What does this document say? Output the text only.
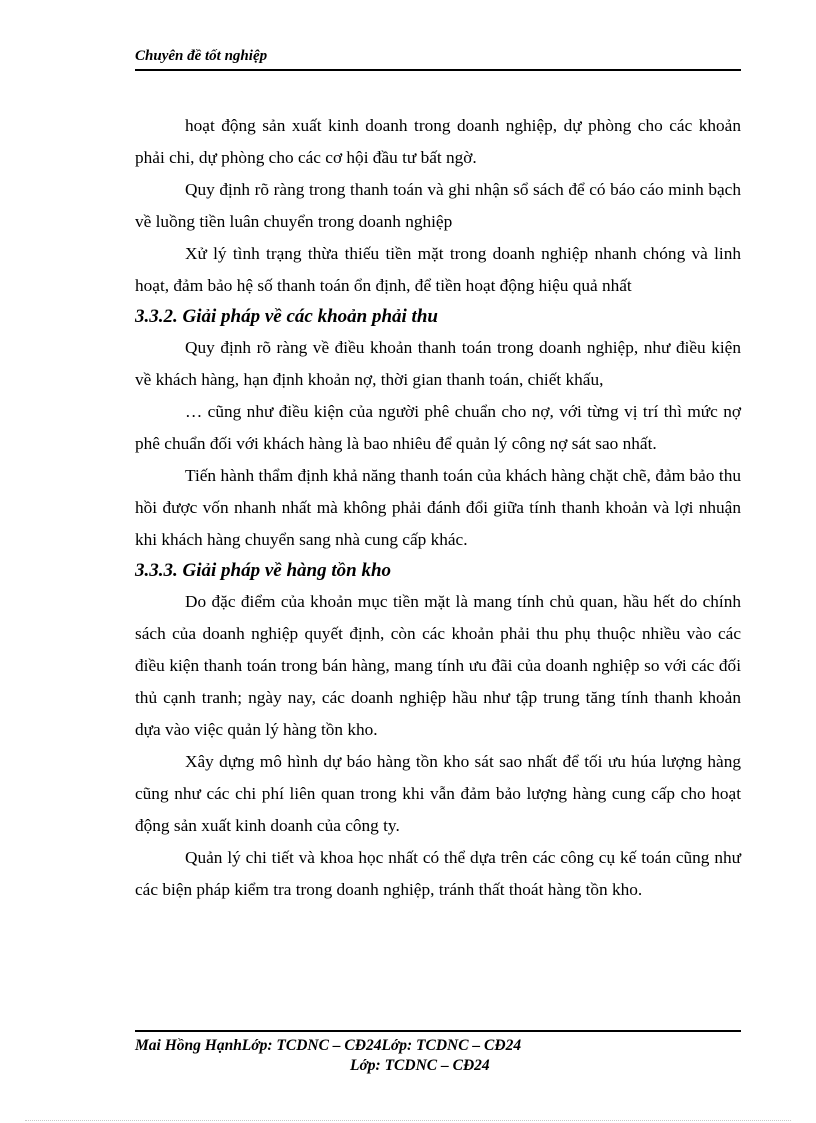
Chuyên đề tốt nghiệp

hoạt động sản xuất kinh doanh trong doanh nghiệp, dự phòng cho các khoản phải chi, dự phòng cho các cơ hội đầu tư bất ngờ.

Quy định rõ ràng trong thanh toán và ghi nhận sổ sách để có báo cáo minh bạch về luồng tiền luân chuyển trong doanh nghiệp

Xử lý tình trạng thừa thiếu tiền mặt trong doanh nghiệp nhanh chóng và linh hoạt, đảm bảo hệ số thanh toán ổn định, để tiền hoạt động hiệu quả nhất

3.3.2. Giải pháp về các khoản phải thu

Quy định rõ ràng về điều khoản thanh toán trong doanh nghiệp, như điều kiện về khách hàng, hạn định khoản nợ, thời gian thanh toán, chiết khấu,

… cũng như điều kiện của người phê chuẩn cho nợ, với từng vị trí thì mức nợ phê chuẩn đối với khách hàng là bao nhiêu để quản lý công nợ sát sao nhất.

Tiến hành thẩm định khả năng thanh toán của khách hàng chặt chẽ, đảm bảo thu hồi được vốn nhanh nhất mà không phải đánh đổi giữa tính thanh khoản và lợi nhuận khi khách hàng chuyển sang nhà cung cấp khác.

3.3.3. Giải pháp về hàng tồn kho

Do đặc điểm của khoản mục tiền mặt là mang tính chủ quan, hầu hết do chính sách của doanh nghiệp quyết định, còn các khoản phải thu phụ thuộc nhiều vào các điều kiện thanh toán trong bán hàng, mang tính ưu đãi của doanh nghiệp so với các đối thủ cạnh tranh; ngày nay, các doanh nghiệp hầu như tập trung tăng tính thanh khoản dựa vào việc quản lý hàng tồn kho.

Xây dựng mô hình dự báo hàng tồn kho sát sao nhất để tối ưu húa lượng hàng cũng như các chi phí liên quan trong khi vẫn đảm bảo lượng hàng cung cấp cho hoạt động sản xuất kinh doanh của công ty.

Quản lý chi tiết và khoa học nhất có thể dựa trên các công cụ kế toán cũng như các biện pháp kiểm tra trong doanh nghiệp, tránh thất thoát hàng tồn kho.

Mai Hồng HạnhLớp: TCDNC – CĐ24Lớp: TCDNC – CĐ24
Lớp: TCDNC – CĐ24
